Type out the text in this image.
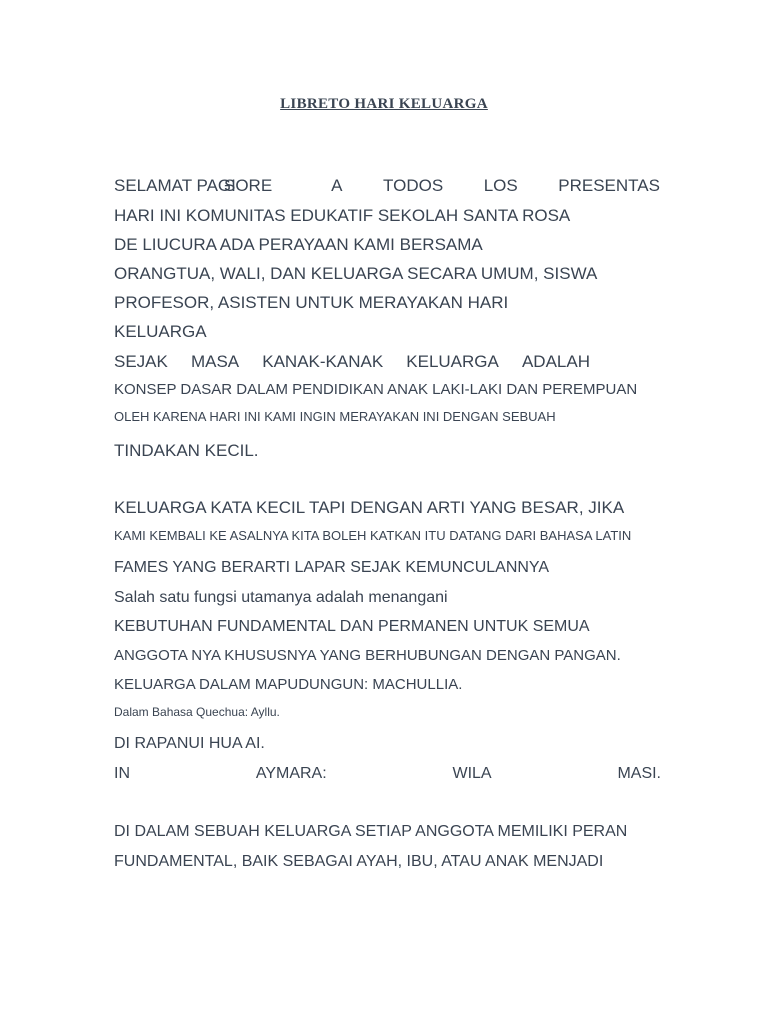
LIBRETO HARI KELUARGA
SELAMAT PAGI
SORE
	A TODOS LOS PRESENTAS
HARI INI KOMUNITAS EDUKATIF SEKOLAH SANTA ROSA
DE LIUCURA ADA PERAYAAN KAMI BERSAMA
ORANGTUA, WALI, DAN KELUARGA SECARA UMUM, SISWA
PROFESOR, ASISTEN UNTUK MERAYAKAN HARI
KELUARGA
SEJAK MASA KANAK-KANAK KELUARGA ADALAH
KONSEP DASAR DALAM PENDIDIKAN ANAK LAKI-LAKI DAN PEREMPUAN
OLEH KARENA HARI INI KAMI INGIN MERAYAKAN INI DENGAN SEBUAH
TINDAKAN KECIL.
KELUARGA KATA KECIL TAPI DENGAN ARTI YANG BESAR, JIKA
KAMI KEMBALI KE ASALNYA KITA BOLEH KATKAN ITU DATANG DARI BAHASA LATIN
FAMES YANG BERARTI LAPAR SEJAK KEMUNCULANNYA
Salah satu fungsi utamanya adalah menangani
KEBUTUHAN FUNDAMENTAL DAN PERMANEN UNTUK SEMUA
ANGGOTA NYA KHUSUSNYA YANG BERHUBUNGAN DENGAN PANGAN.
KELUARGA DALAM MAPUDUNGUN: MACHULLIA.
Dalam Bahasa Quechua: Ayllu.
DI RAPANUI HUA AI.
IN	AYMARA:	WILA	MASI.
DI DALAM SEBUAH KELUARGA SETIAP ANGGOTA MEMILIKI PERAN
FUNDAMENTAL, BAIK SEBAGAI AYAH, IBU, ATAU ANAK MENJADI
